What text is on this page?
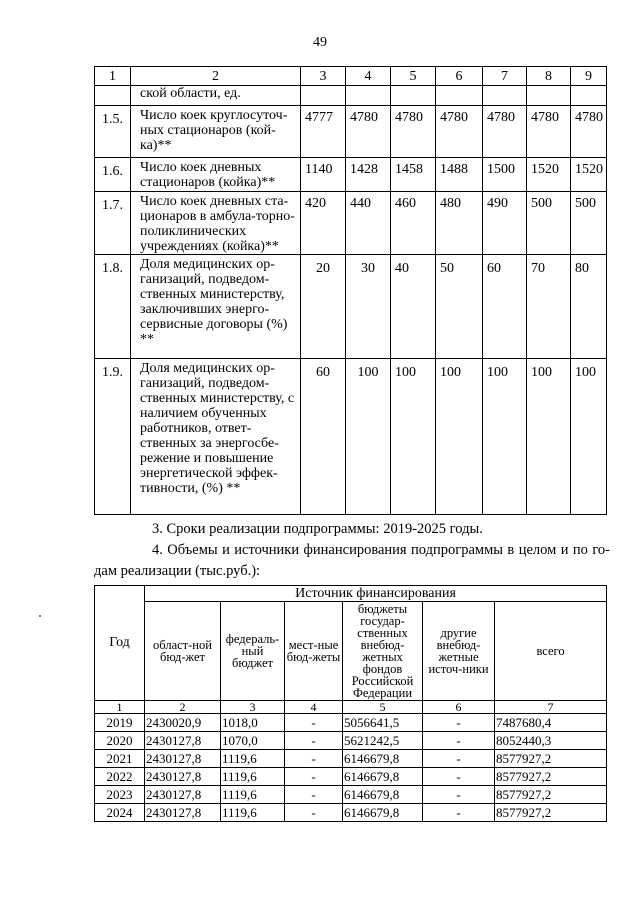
49
1	2	3	4	5	6	7	8	9
	ской области, ед.							
1.5.	Число коек круглосуточ-ных стационаров (кой-ка)**	4777	4780	4780	4780	4780	4780	4780
1.6.	Число коек дневных стационаров (койка)**	1140	1428	1458	1488	1500	1520	1520
1.7.	Число коек дневных ста-ционаров в амбула-торно-поликлинических учреждениях (койка)**	420	440	460	480	490	500	500
1.8.	Доля медицинских ор-ганизаций, подведом-ственных министерству, заключивших энерго-сервисные договоры (%) **	20	30	40	50	60	70	80
1.9.	Доля медицинских ор-ганизаций, подведом-ственных министерству, с наличием обученных работников, ответ-ственных за энергосбе-режение и повышение энергетической эффек-тивности, (%) **	60	100	100	100	100	100	100
3. Сроки реализации подпрограммы: 2019-2025 годы.
4. Объемы и источники финансирования подпрограммы в целом и по го-дам реализации (тыс.руб.):
Год	Источник финансирования					
	област-ной бюд-жет	федераль-ный бюджет	мест-ные бюд-жеты	бюджеты государ-ственных внебюд-жетных фондов Российской Федерации	другие внебюд-жетные источ-ники	всего
1	2	3	4	5	6	7
2019	2430020,9	1018,0	-	5056641,5	-	7487680,4
2020	2430127,8	1070,0	-	5621242,5	-	8052440,3
2021	2430127,8	1119,6	-	6146679,8	-	8577927,2
2022	2430127,8	1119,6	-	6146679,8	-	8577927,2
2023	2430127,8	1119,6	-	6146679,8	-	8577927,2
2024	2430127,8	1119,6	-	6146679,8	-	8577927,2
